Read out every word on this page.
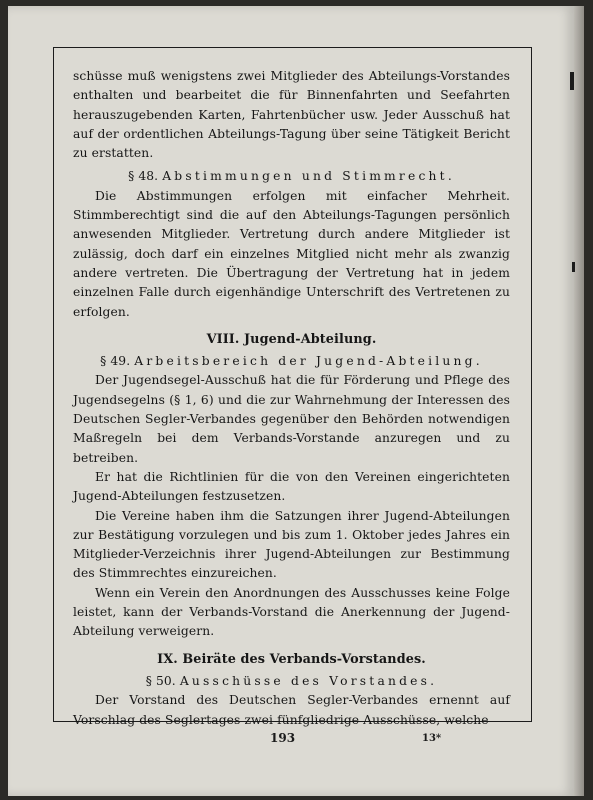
schüsse muß wenigstens zwei Mitglieder des Abteilungs-Vorstandes enthalten und bearbeitet die für Binnenfahrten und Seefahrten herauszugebenden Karten, Fahrtenbücher usw. Jeder Ausschuß hat auf der ordentlichen Abteilungs-Tagung über seine Tätigkeit Bericht zu erstatten.

§ 48. Abstimmungen und Stimmrecht.

Die Abstimmungen erfolgen mit einfacher Mehrheit. Stimmberechtigt sind die auf den Abteilungs-Tagungen persönlich anwesenden Mitglieder. Vertretung durch andere Mitglieder ist zulässig, doch darf ein einzelnes Mitglied nicht mehr als zwanzig andere vertreten. Die Übertragung der Vertretung hat in jedem einzelnen Falle durch eigenhändige Unterschrift des Vertretenen zu erfolgen.

VIII. Jugend-Abteilung.

§ 49. Arbeitsbereich der Jugend-Abteilung.

Der Jugendsegel-Ausschuß hat die für Förderung und Pflege des Jugendsegelns (§ 1, 6) und die zur Wahrnehmung der Interessen des Deutschen Segler-Verbandes gegenüber den Behörden notwendigen Maßregeln bei dem Verbands-Vorstande anzuregen und zu betreiben.

Er hat die Richtlinien für die von den Vereinen eingerichteten Jugend-Abteilungen festzusetzen.

Die Vereine haben ihm die Satzungen ihrer Jugend-Abteilungen zur Bestätigung vorzulegen und bis zum 1. Oktober jedes Jahres ein Mitglieder-Verzeichnis ihrer Jugend-Abteilungen zur Bestimmung des Stimmrechtes einzureichen.

Wenn ein Verein den Anordnungen des Ausschusses keine Folge leistet, kann der Verbands-Vorstand die Anerkennung der Jugend-Abteilung verweigern.

IX. Beiräte des Verbands-Vorstandes.

§ 50. Ausschüsse des Vorstandes.

Der Vorstand des Deutschen Segler-Verbandes ernennt auf Vorschlag des Seglertages zwei fünfgliedrige Ausschüsse, welche

193	13*
